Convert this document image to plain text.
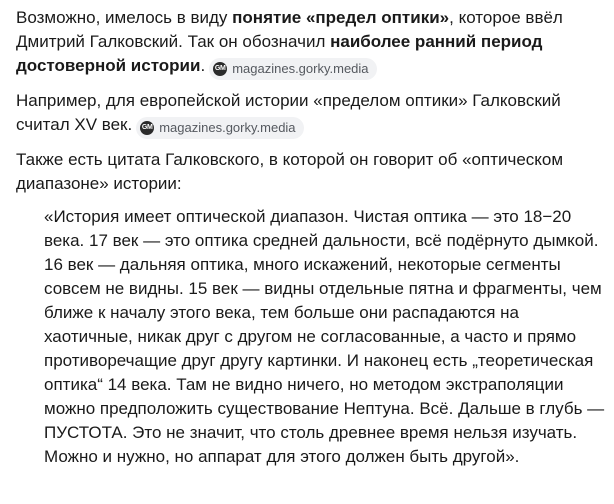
Возможно, имелось в виду понятие «предел оптики», которое ввёл Дмитрий Галковский. Так он обозначил наиболее ранний период достоверной истории. GM magazines.gorky.media

Например, для европейской истории «пределом оптики» Галковский считал XV век. GM magazines.gorky.media

Также есть цитата Галковского, в которой он говорит об «оптическом диапазоне» истории:

«История имеет оптической диапазон. Чистая оптика — это 18−20 века. 17 век — это оптика средней дальности, всё подёрнуто дымкой. 16 век — дальняя оптика, много искажений, некоторые сегменты совсем не видны. 15 век — видны отдельные пятна и фрагменты, чем ближе к началу этого века, тем больше они распадаются на хаотичные, никак друг с другом не согласованные, а часто и прямо противоречащие друг другу картинки. И наконец есть „теоретическая оптика“ 14 века. Там не видно ничего, но методом экстраполяции можно предположить существование Нептуна. Всё. Дальше в глубь — ПУСТОТА. Это не значит, что столь древнее время нельзя изучать. Можно и нужно, но аппарат для этого должен быть другой».
